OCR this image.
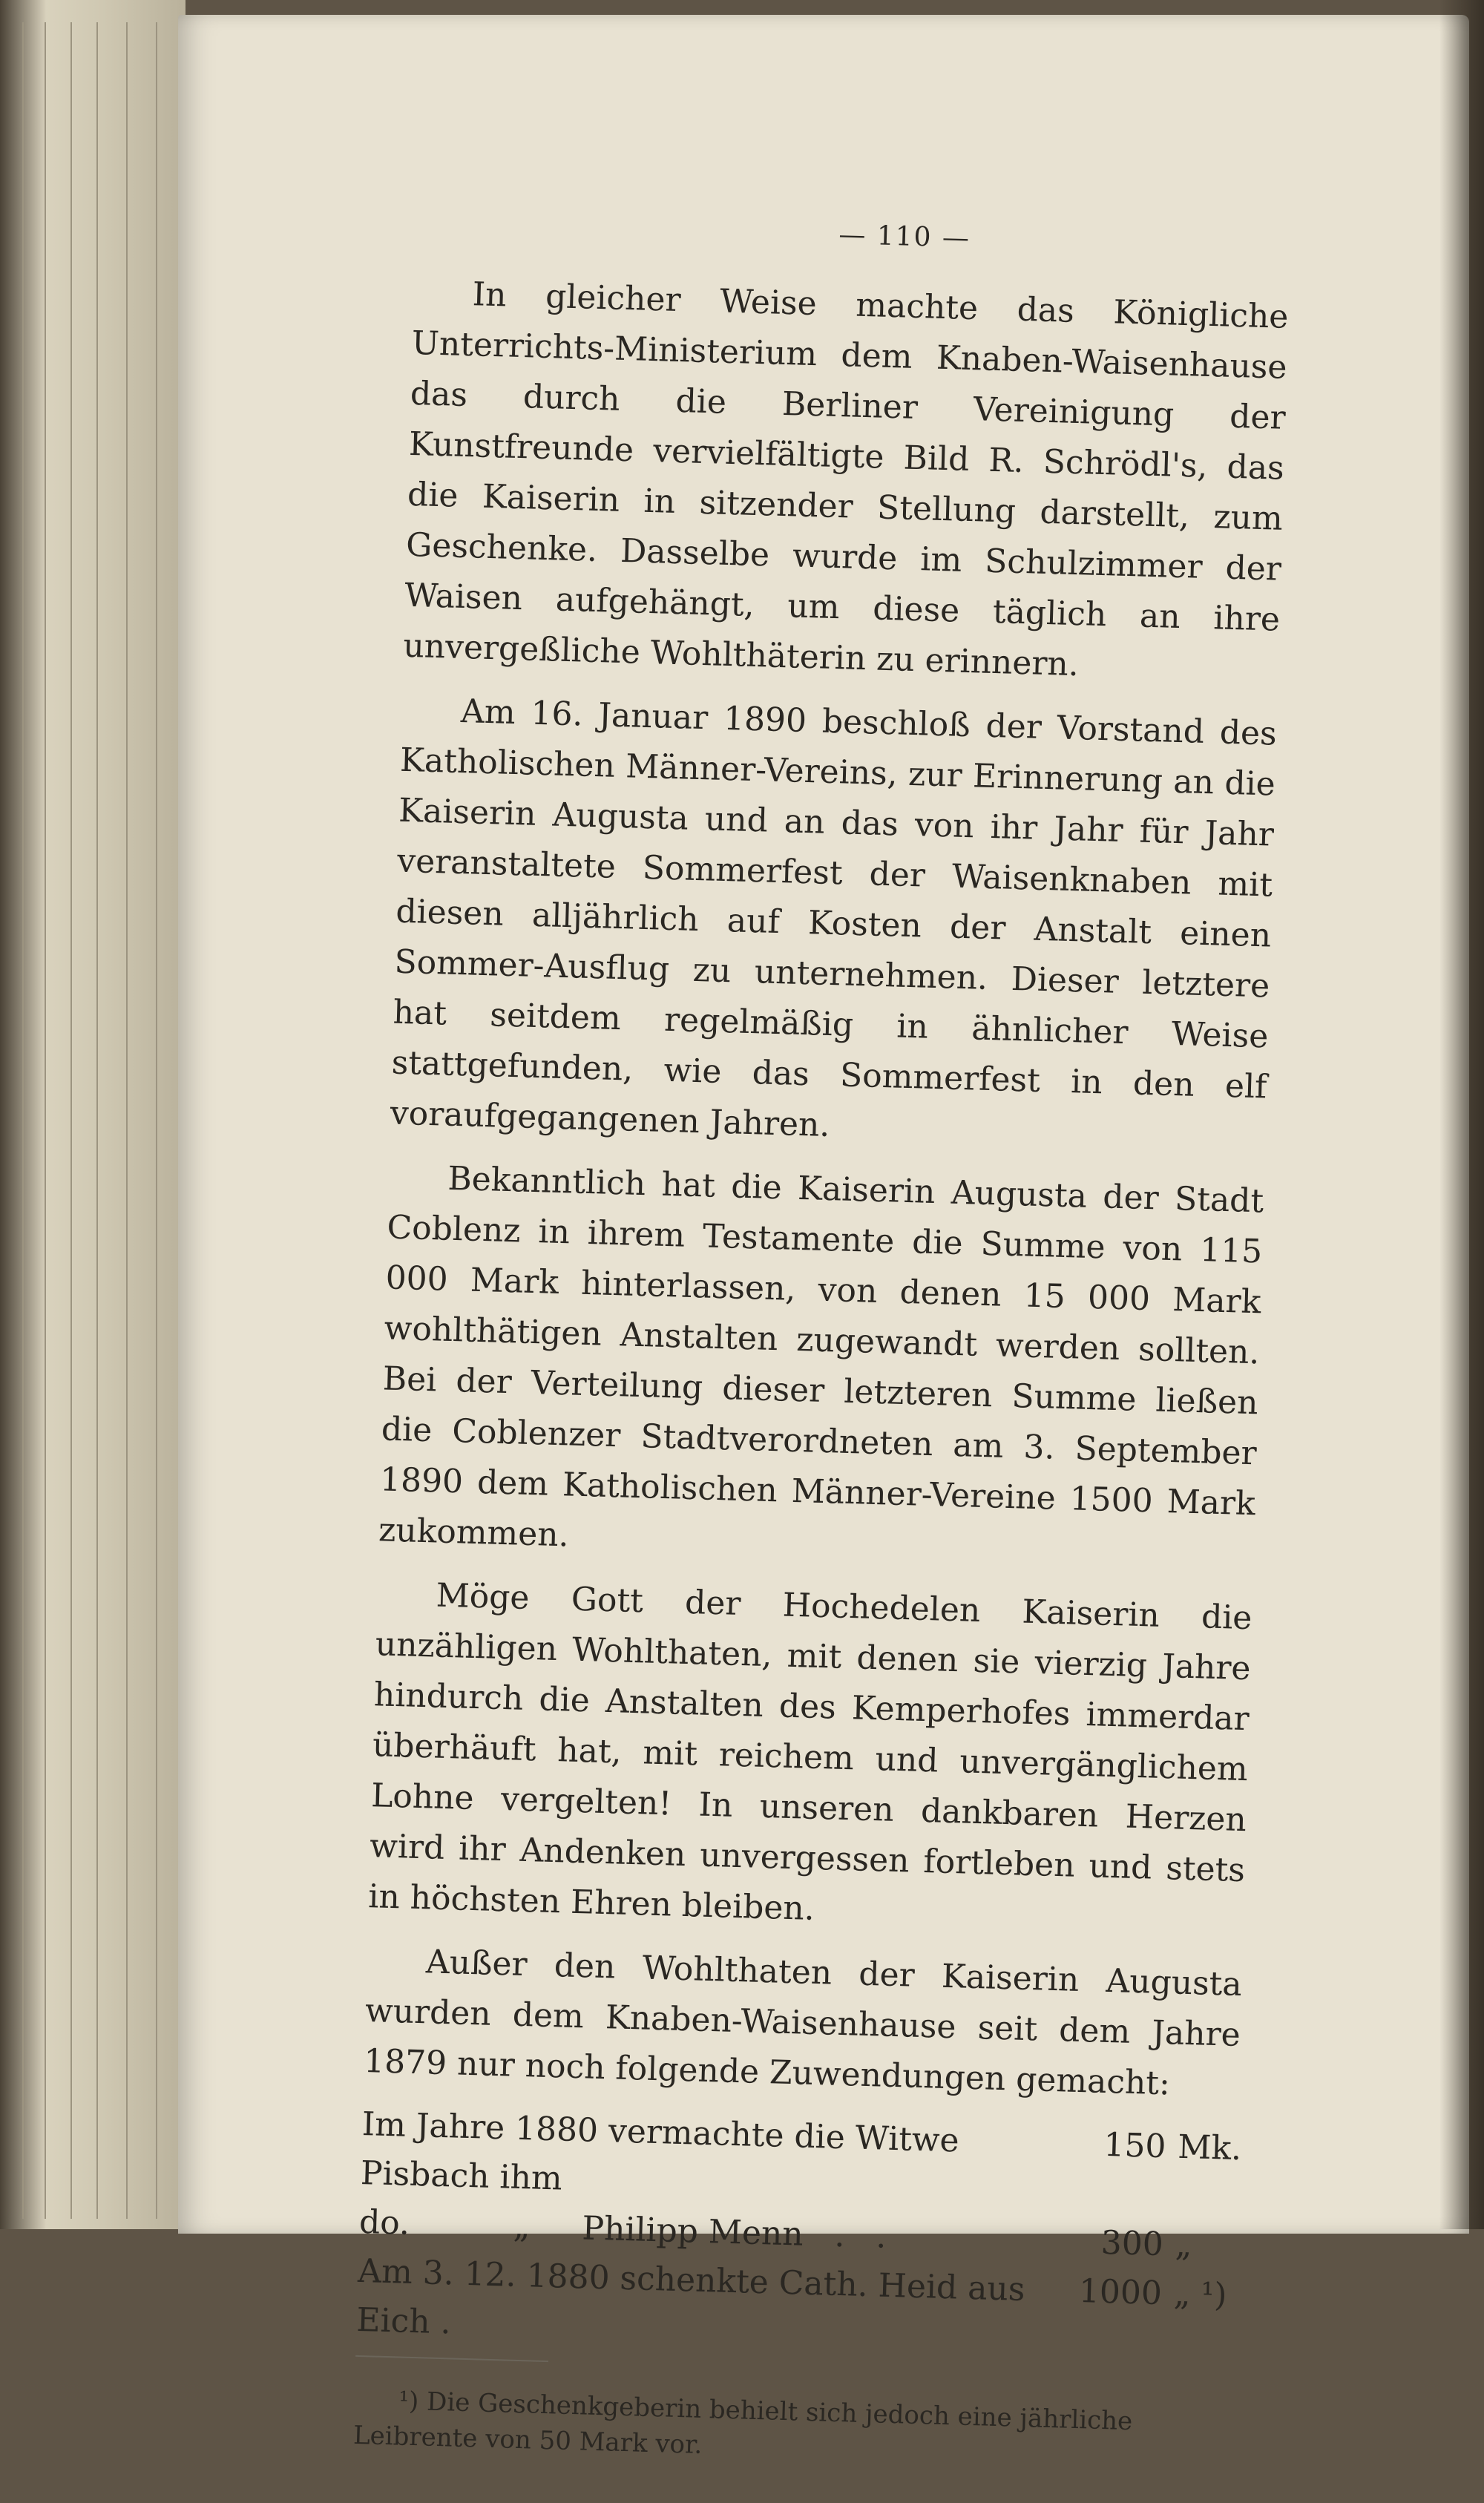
— 110 —

In gleicher Weise machte das Königliche Unterrichts-Ministerium dem Knaben-Waisenhause das durch die Berliner Vereinigung der Kunstfreunde vervielfältigte Bild R. Schrödl's, das die Kaiserin in sitzender Stellung darstellt, zum Geschenke. Dasselbe wurde im Schulzimmer der Waisen aufgehängt, um diese täglich an ihre unvergeßliche Wohlthäterin zu erinnern.

Am 16. Januar 1890 beschloß der Vorstand des Katholischen Männer-Vereins, zur Erinnerung an die Kaiserin Augusta und an das von ihr Jahr für Jahr veranstaltete Sommerfest der Waisenknaben mit diesen alljährlich auf Kosten der Anstalt einen Sommer-Ausflug zu unternehmen. Dieser letztere hat seitdem regelmäßig in ähnlicher Weise stattgefunden, wie das Sommerfest in den elf voraufgegangenen Jahren.

Bekanntlich hat die Kaiserin Augusta der Stadt Coblenz in ihrem Testamente die Summe von 115 000 Mark hinterlassen, von denen 15 000 Mark wohlthätigen Anstalten zugewandt werden sollten. Bei der Verteilung dieser letzteren Summe ließen die Coblenzer Stadtverordneten am 3. September 1890 dem Katholischen Männer-Vereine 1500 Mark zukommen.

Möge Gott der Hochedelen Kaiserin die unzähligen Wohlthaten, mit denen sie vierzig Jahre hindurch die Anstalten des Kemperhofes immerdar überhäuft hat, mit reichem und unvergänglichem Lohne vergelten! In unseren dankbaren Herzen wird ihr Andenken unvergessen fortleben und stets in höchsten Ehren bleiben.

Außer den Wohlthaten der Kaiserin Augusta wurden dem Knaben-Waisenhause seit dem Jahre 1879 nur noch folgende Zuwendungen gemacht:

Im Jahre 1880 vermachte die Witwe Pisbach ihm
150 Mk.
do.          „     Philipp Menn   .   .	300 „
Am 3. 12. 1880 schenkte Cath. Heid aus Eich .
1000 „ ¹)

¹) Die Geschenkgeberin behielt sich jedoch eine jährliche Leibrente von 50 Mark vor.
